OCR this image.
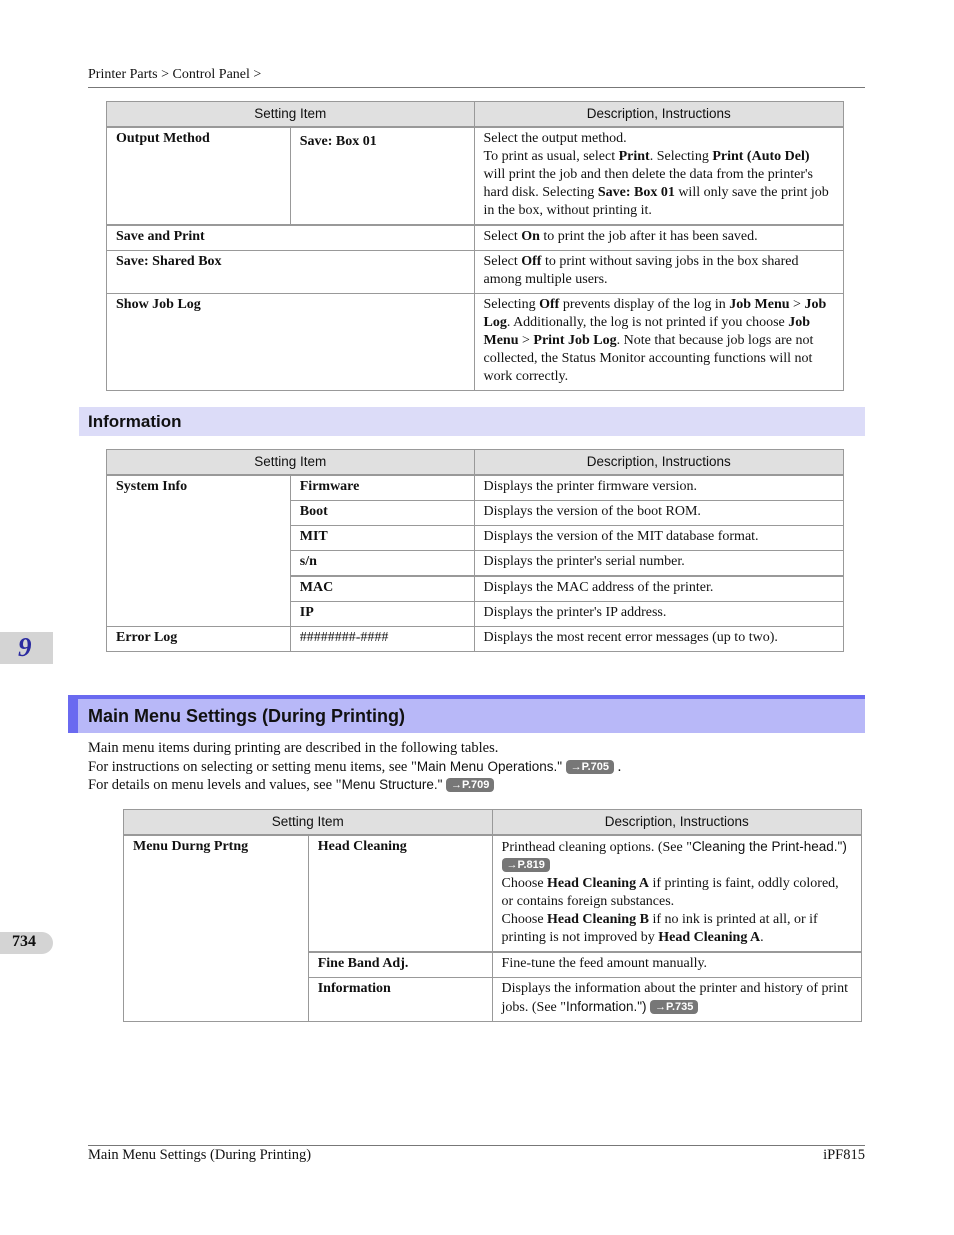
Printer Parts > Control Panel >
Setting Item		Description, Instructions
Output Method	Save: Box 01	Select the output method.
To print as usual, select Print. Selecting Print (Auto Del) will print the job and then delete the data from the printer's hard disk. Selecting Save: Box 01 will only save the print job in the box, without printing it.
Save and Print		Select On to print the job after it has been saved.
Save: Shared Box		Select Off to print without saving jobs in the box shared among multiple users.
Show Job Log		Selecting Off prevents display of the log in Job Menu > Job Log. Additionally, the log is not printed if you choose Job Menu > Print Job Log. Note that because job logs are not collected, the Status Monitor accounting functions will not work correctly.
Information
Setting Item		Description, Instructions
System Info	Firmware	Displays the printer firmware version.
	Boot	Displays the version of the boot ROM.
	MIT	Displays the version of the MIT database format.
	s/n	Displays the printer's serial number.
	MAC	Displays the MAC address of the printer.
	IP	Displays the printer's IP address.
Error Log	########-####	Displays the most recent error messages (up to two).
9
Main Menu Settings (During Printing)
Main menu items during printing are described in the following tables.
For instructions on selecting or setting menu items, see "Main Menu Operations." →P.705 .
For details on menu levels and values, see "Menu Structure." →P.709
Setting Item		Description, Instructions
Menu Durng Prtng	Head Cleaning	Printhead cleaning options. (See "Cleaning the Print-head.") →P.819
Choose Head Cleaning A if printing is faint, oddly colored, or contains foreign substances.
Choose Head Cleaning B if no ink is printed at all, or if printing is not improved by Head Cleaning A.
	Fine Band Adj.	Fine-tune the feed amount manually.
	Information	Displays the information about the printer and history of print jobs. (See "Information.") →P.735
734
Main Menu Settings (During Printing)	iPF815
